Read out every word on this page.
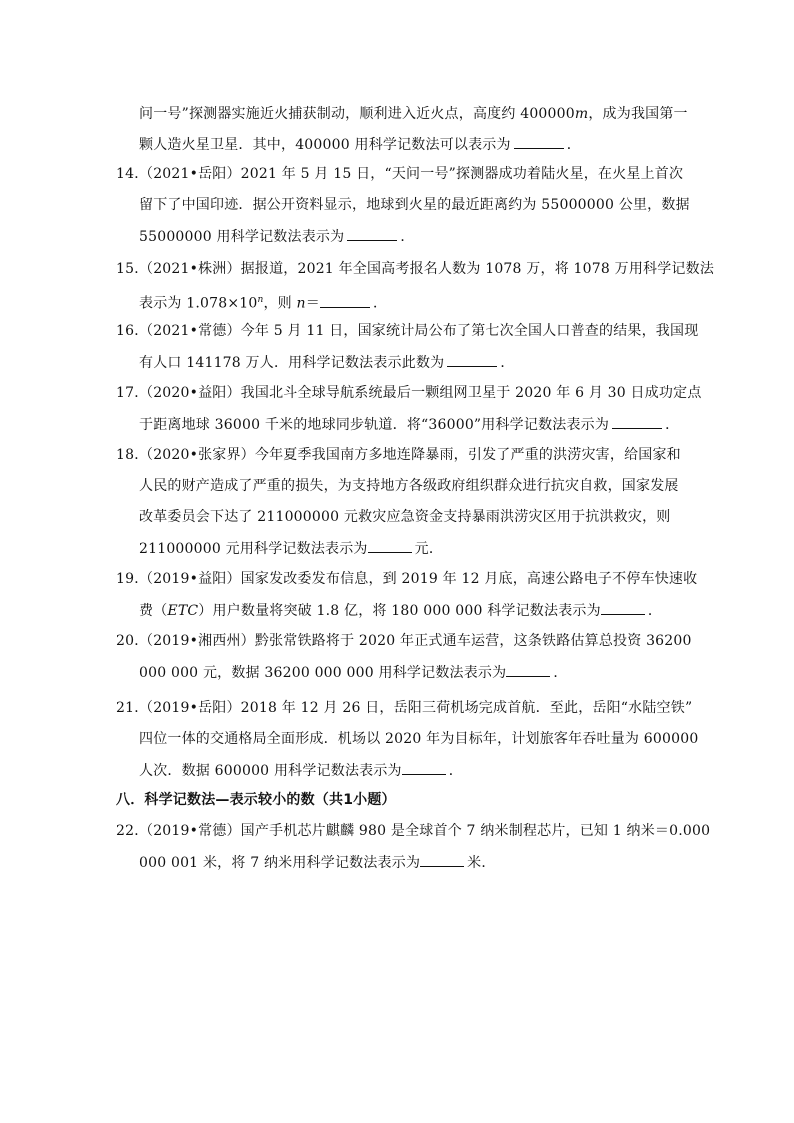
问一号”探测器实施近火捕获制动，顺利进入近火点，高度约 400000m，成为我国第一
颗人造火星卫星．其中，400000 用科学记数法可以表示为	．
14．
（2021•岳阳）2021 年 5 月 15 日，“天问一号”探测器成功着陆火星，在火星上首次
留下了中国印迹．据公开资料显示，地球到火星的最近距离约为 55000000 公里，数据
55000000 用科学记数法表示为	．
15．
（2021•株洲）据报道，2021 年全国高考报名人数为 1078 万，将 1078 万用科学记数法
表示为 $1.078\times 10^n$，则 n＝	．
16．
（2021•常德）今年 5 月 11 日，国家统计局公布了第七次全国人口普查的结果，我国现
有人口 141178 万人．用科学记数法表示此数为	．
17．
（2020•益阳）我国北斗全球导航系统最后一颗组网卫星于 2020 年 6 月 30 日成功定点
于距离地球 36000 千米的地球同步轨道．将“36000”用科学记数法表示为	．
18．
（2020•张家界）今年夏季我国南方多地连降暴雨，引发了严重的洪涝灾害，给国家和
人民的财产造成了严重的损失，为支持地方各级政府组织群众进行抗灾自救，国家发展
改革委员会下达了 211000000 元救灾应急资金支持暴雨洪涝灾区用于抗洪救灾，则
211000000 元用科学记数法表示为	元．
19．
（2019•益阳）国家发改委发布信息，到 2019 年 12 月底，高速公路电子不停车快速收
费（ETC）用户数量将突破 1.8 亿，将 180 000 000 科学记数法表示为	．
20．
（2019•湘西州）黔张常铁路将于 2020 年正式通车运营，这条铁路估算总投资 36200
000 000 元，数据 36200 000 000 用科学记数法表示为	．
21．
（2019•岳阳）2018 年 12 月 26 日，岳阳三荷机场完成首航．至此，岳阳“水陆空铁”
四位一体的交通格局全面形成．机场以 2020 年为目标年，计划旅客年吞吐量为 600000
人次．数据 600000 用科学记数法表示为	．
八．科学记数法—表示较小的数（共1小题）
22．
（2019•常德）国产手机芯片麒麟 980 是全球首个 7 纳米制程芯片，已知 1 纳米＝0.000
000 001 米，将 7 纳米用科学记数法表示为	米．
